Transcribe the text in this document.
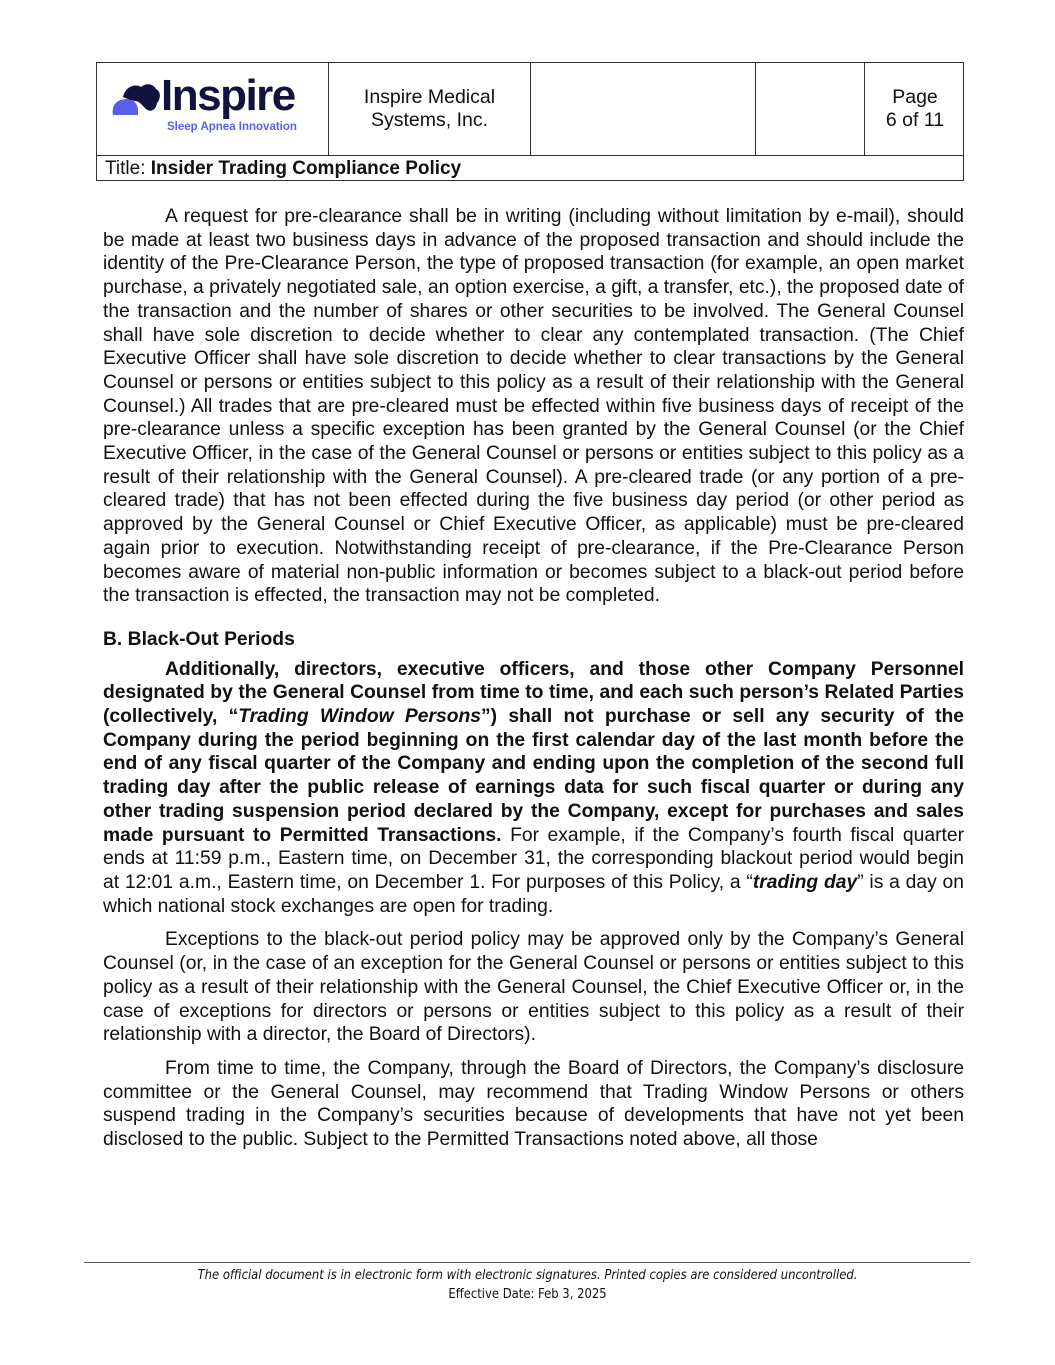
Inspire
Sleep Apnea Innovation
Inspire Medical Systems, Inc.
Page
6 of 11
Title: Insider Trading Compliance Policy

A request for pre-clearance shall be in writing (including without limitation by e-mail), should be made at least two business days in advance of the proposed transaction and should include the identity of the Pre-Clearance Person, the type of proposed transaction (for example, an open market purchase, a privately negotiated sale, an option exercise, a gift, a transfer, etc.), the proposed date of the transaction and the number of shares or other securities to be involved. The General Counsel shall have sole discretion to decide whether to clear any contemplated transaction. (The Chief Executive Officer shall have sole discretion to decide whether to clear transactions by the General Counsel or persons or entities subject to this policy as a result of their relationship with the General Counsel.) All trades that are pre-cleared must be effected within five business days of receipt of the pre-clearance unless a specific exception has been granted by the General Counsel (or the Chief Executive Officer, in the case of the General Counsel or persons or entities subject to this policy as a result of their relationship with the General Counsel). A pre-cleared trade (or any portion of a pre-cleared trade) that has not been effected during the five business day period (or other period as approved by the General Counsel or Chief Executive Officer, as applicable) must be pre-cleared again prior to execution. Notwithstanding receipt of pre-clearance, if the Pre-Clearance Person becomes aware of material non-public information or becomes subject to a black-out period before the transaction is effected, the transaction may not be completed.

B. Black-Out Periods

Additionally, directors, executive officers, and those other Company Personnel designated by the General Counsel from time to time, and each such person’s Related Parties (collectively, “Trading Window Persons”) shall not purchase or sell any security of the Company during the period beginning on the first calendar day of the last month before the end of any fiscal quarter of the Company and ending upon the completion of the second full trading day after the public release of earnings data for such fiscal quarter or during any other trading suspension period declared by the Company, except for purchases and sales made pursuant to Permitted Transactions. For example, if the Company’s fourth fiscal quarter ends at 11:59 p.m., Eastern time, on December 31, the corresponding blackout period would begin at 12:01 a.m., Eastern time, on December 1. For purposes of this Policy, a “trading day” is a day on which national stock exchanges are open for trading.

Exceptions to the black-out period policy may be approved only by the Company’s General Counsel (or, in the case of an exception for the General Counsel or persons or entities subject to this policy as a result of their relationship with the General Counsel, the Chief Executive Officer or, in the case of exceptions for directors or persons or entities subject to this policy as a result of their relationship with a director, the Board of Directors).

From time to time, the Company, through the Board of Directors, the Company’s disclosure committee or the General Counsel, may recommend that Trading Window Persons or others suspend trading in the Company’s securities because of developments that have not yet been disclosed to the public. Subject to the Permitted Transactions noted above, all those

The official document is in electronic form with electronic signatures. Printed copies are considered uncontrolled.
Effective Date: Feb 3, 2025
